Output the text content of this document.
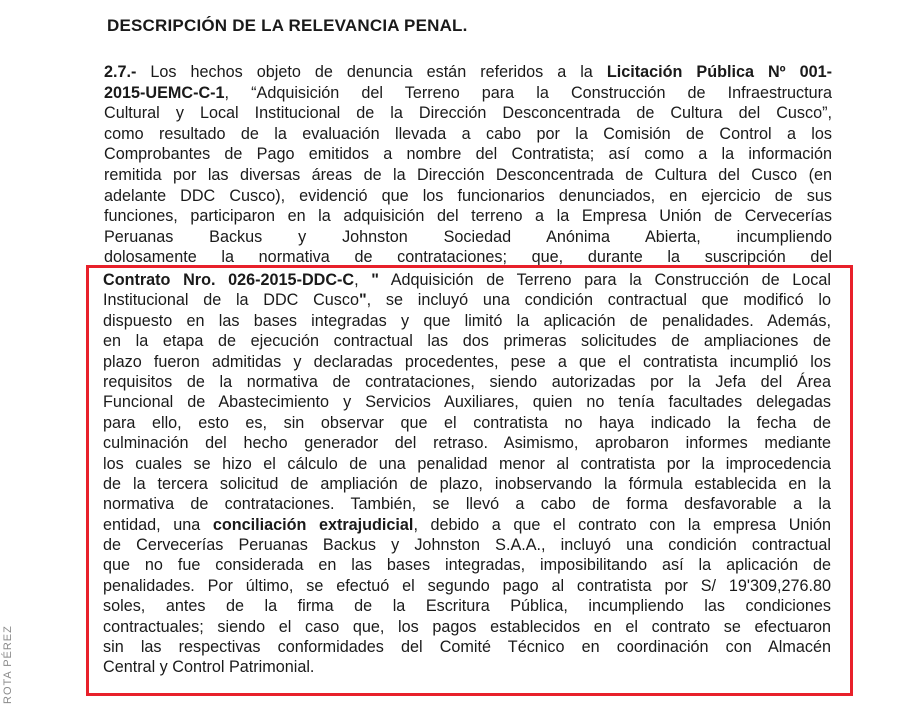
DESCRIPCIÓN DE LA RELEVANCIA PENAL.
2.7.- Los hechos objeto de denuncia están referidos a la Licitación Pública Nº 001-
2015-UEMC-C-1, “Adquisición del Terreno para la Construcción de Infraestructura
Cultural y Local Institucional de la Dirección Desconcentrada de Cultura del Cusco”,
como resultado de la evaluación llevada a cabo por la Comisión de Control a los
Comprobantes de Pago emitidos a nombre del Contratista; así como a la información
remitida por las diversas áreas de la Dirección Desconcentrada de Cultura del Cusco (en
adelante DDC Cusco), evidenció que los funcionarios denunciados, en ejercicio de sus
funciones, participaron en la adquisición del terreno a la Empresa Unión de Cervecerías
Peruanas Backus y Johnston Sociedad Anónima Abierta, incumpliendo
dolosamente la normativa de contrataciones; que, durante la suscripción del
Contrato Nro. 026-2015-DDC-C, " Adquisición de Terreno para la Construcción de Local
Institucional de la DDC Cusco", se incluyó una condición contractual que modificó lo
dispuesto en las bases integradas y que limitó la aplicación de penalidades. Además,
en la etapa de ejecución contractual las dos primeras solicitudes de ampliaciones de
plazo fueron admitidas y declaradas procedentes, pese a que el contratista incumplió los
requisitos de la normativa de contrataciones, siendo autorizadas por la Jefa del Área
Funcional de Abastecimiento y Servicios Auxiliares, quien no tenía facultades delegadas
para ello, esto es, sin observar que el contratista no haya indicado la fecha de
culminación del hecho generador del retraso. Asimismo, aprobaron informes mediante
los cuales se hizo el cálculo de una penalidad menor al contratista por la improcedencia
de la tercera solicitud de ampliación de plazo, inobservando la fórmula establecida en la
normativa de contrataciones. También, se llevó a cabo de forma desfavorable a la
entidad, una conciliación extrajudicial, debido a que el contrato con la empresa Unión
de Cervecerías Peruanas Backus y Johnston S.A.A., incluyó una condición contractual
que no fue considerada en las bases integradas, imposibilitando así la aplicación de
penalidades. Por último, se efectuó el segundo pago al contratista por S/ 19'309,276.80
soles, antes de la firma de la Escritura Pública, incumpliendo las condiciones
contractuales; siendo el caso que, los pagos establecidos en el contrato se efectuaron
sin las respectivas conformidades del Comité Técnico en coordinación con Almacén
Central y Control Patrimonial.
ROTA PÉREZ
